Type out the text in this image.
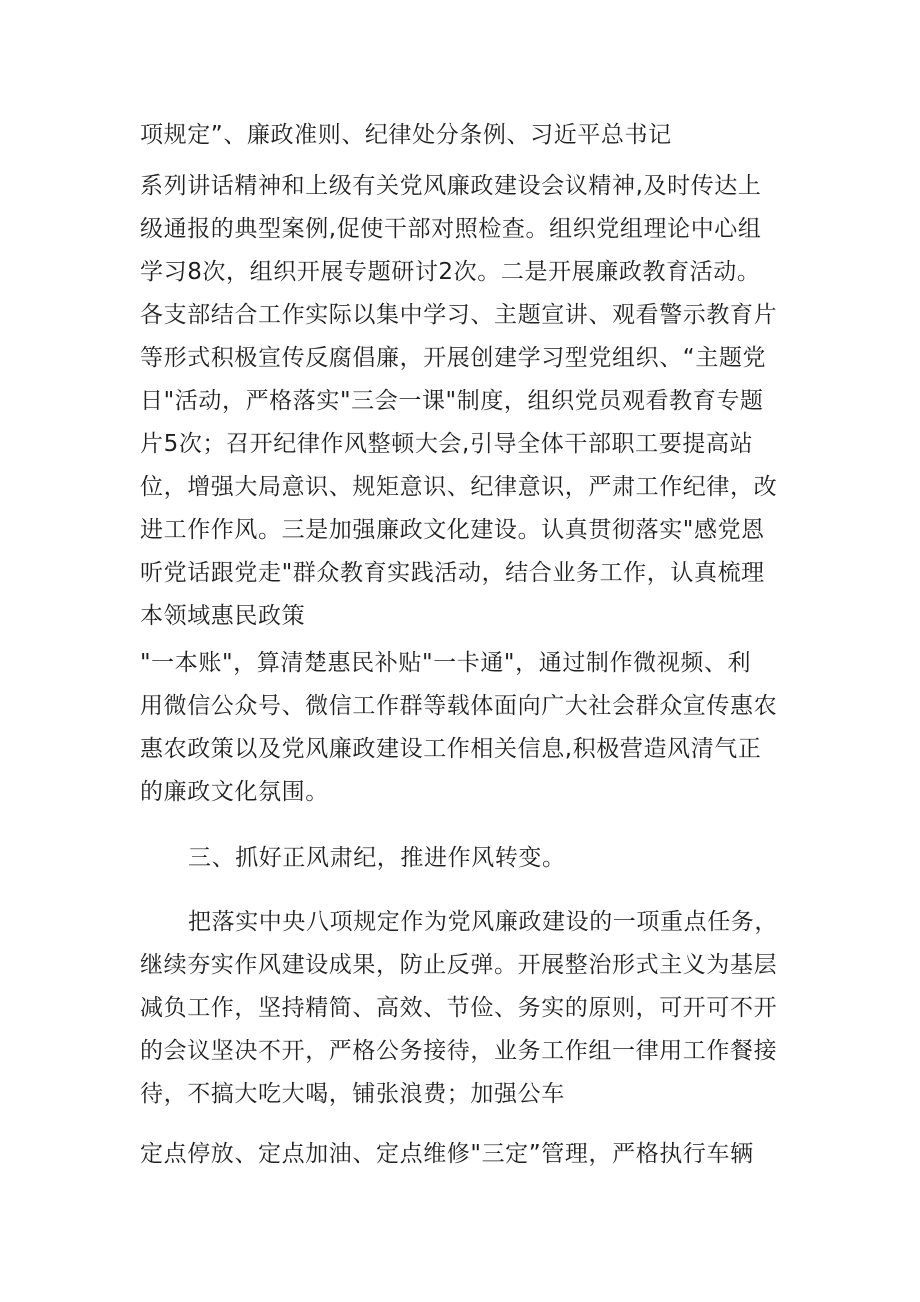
项规定”、廉政准则、纪律处分条例、习近平总书记
系列讲话精神和上级有关党风廉政建设会议精神,及时传达上
级通报的典型案例,促使干部对照检查。组织党组理论中心组
学习8次，组织开展专题研讨2次。二是开展廉政教育活动。
各支部结合工作实际以集中学习、主题宣讲、观看警示教育片
等形式积极宣传反腐倡廉，开展创建学习型党组织、“主题党
日"活动，严格落实"三会一课"制度，组织党员观看教育专题
片5次；召开纪律作风整顿大会,引导全体干部职工要提高站
位，增强大局意识、规矩意识、纪律意识，严肃工作纪律，改
进工作作风。三是加强廉政文化建设。认真贯彻落实"感党恩
听党话跟党走"群众教育实践活动，结合业务工作，认真梳理
本领域惠民政策
"一本账"，算清楚惠民补贴"一卡通"，通过制作微视频、利
用微信公众号、微信工作群等载体面向广大社会群众宣传惠农
惠农政策以及党风廉政建设工作相关信息,积极营造风清气正
的廉政文化氛围。
三、抓好正风肃纪，推进作风转变。
把落实中央八项规定作为党风廉政建设的一项重点任务，
继续夯实作风建设成果，防止反弹。开展整治形式主义为基层
减负工作，坚持精简、高效、节俭、务实的原则，可开可不开
的会议坚决不开，严格公务接待，业务工作组一律用工作餐接
待，不搞大吃大喝，铺张浪费；加强公车
定点停放、定点加油、定点维修"三定”管理，严格执行车辆
